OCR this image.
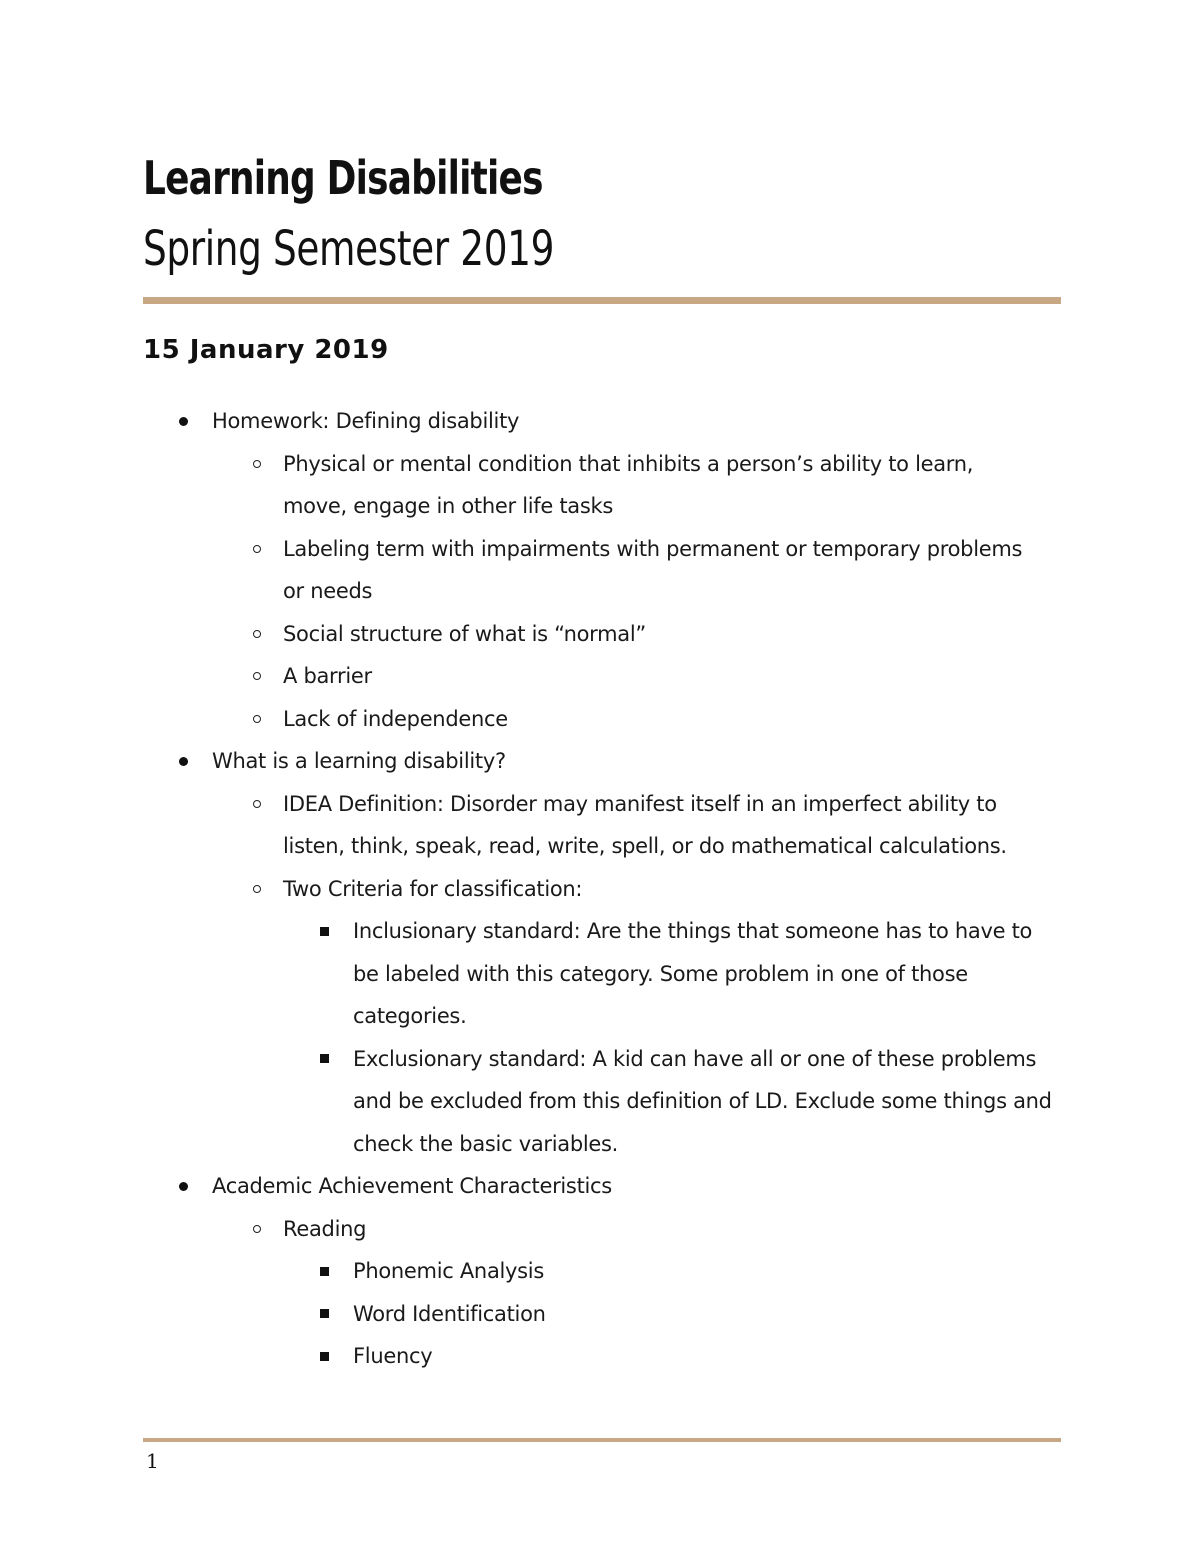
Learning Disabilities
Spring Semester 2019
15 January 2019
Homework: Defining disability
Physical or mental condition that inhibits a person’s ability to learn, move, engage in other life tasks
Labeling term with impairments with permanent or temporary problems or needs
Social structure of what is “normal”
A barrier
Lack of independence
What is a learning disability?
IDEA Definition: Disorder may manifest itself in an imperfect ability to listen, think, speak, read, write, spell, or do mathematical calculations.
Two Criteria for classification:
Inclusionary standard: Are the things that someone has to have to be labeled with this category. Some problem in one of those categories.
Exclusionary standard: A kid can have all or one of these problems and be excluded from this definition of LD. Exclude some things and check the basic variables.
Academic Achievement Characteristics
Reading
Phonemic Analysis
Word Identification
Fluency
1
